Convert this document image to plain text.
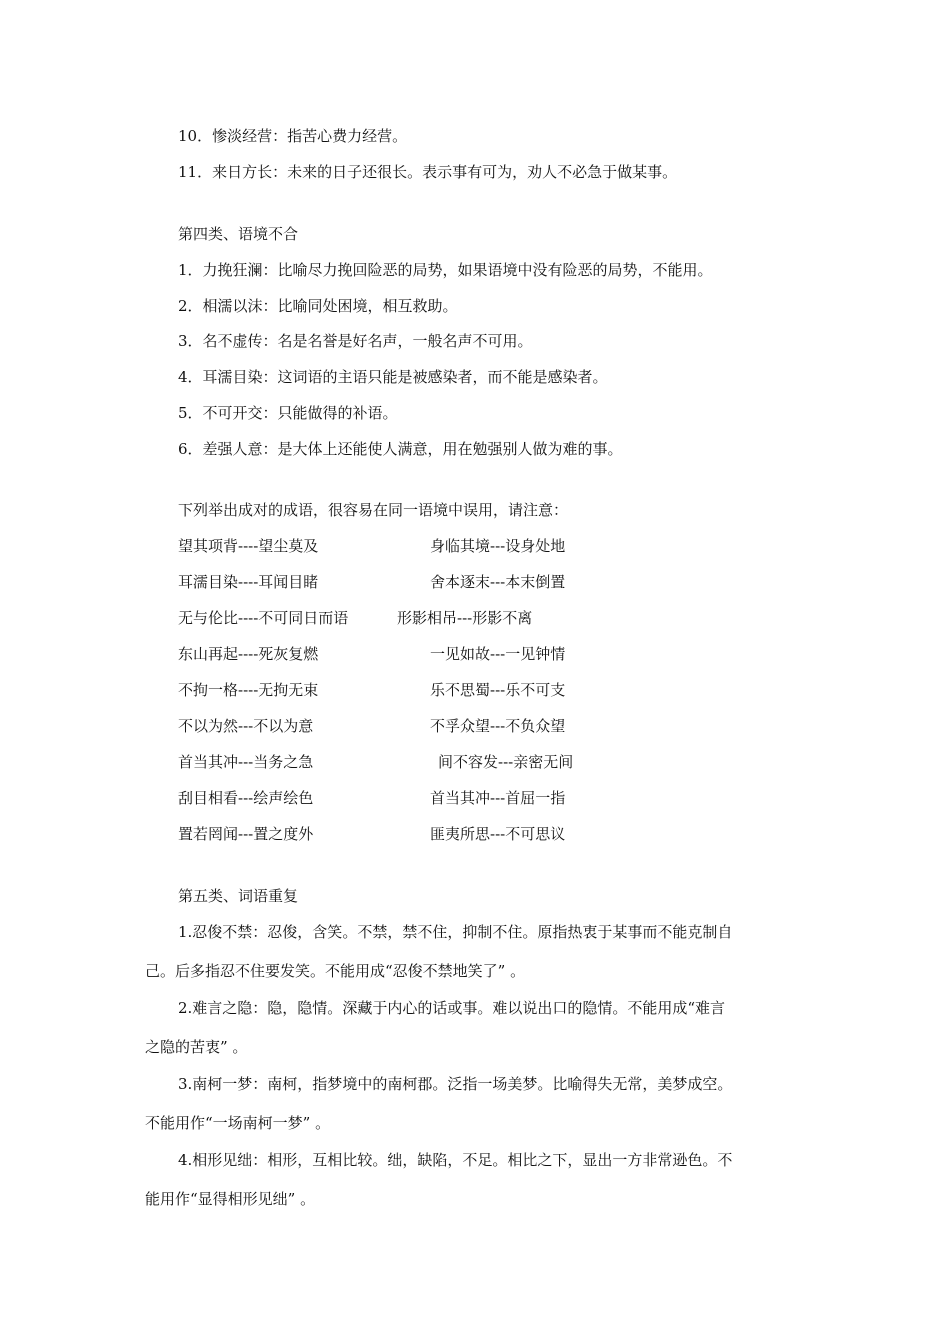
10．惨淡经营：指苦心费力经营。
11．来日方长：未来的日子还很长。表示事有可为，劝人不必急于做某事。
第四类、语境不合
1．力挽狂澜：比喻尽力挽回险恶的局势，如果语境中没有险恶的局势，不能用。
2．相濡以沫：比喻同处困境，相互救助。
3．名不虚传：名是名誉是好名声，一般名声不可用。
4．耳濡目染：这词语的主语只能是被感染者，而不能是感染者。
5．不可开交：只能做得的补语。
6．差强人意：是大体上还能使人满意，用在勉强别人做为难的事。
下列举出成对的成语，很容易在同一语境中误用，请注意：
望其项背----望尘莫及	身临其境---设身处地
耳濡目染----耳闻目睹	舍本逐末---本末倒置
无与伦比----不可同日而语	形影相吊---形影不离
东山再起----死灰复燃	一见如故---一见钟情
不拘一格----无拘无束	乐不思蜀---乐不可支
不以为然---不以为意	不孚众望---不负众望
首当其冲---当务之急	间不容发---亲密无间
刮目相看---绘声绘色	首当其冲---首屈一指
置若罔闻---置之度外	匪夷所思---不可思议
第五类、词语重复
1.忍俊不禁：忍俊，含笑。不禁，禁不住，抑制不住。原指热衷于某事而不能克制自
己。后多指忍不住要发笑。不能用成“忍俊不禁地笑了” 。
2.难言之隐：隐，隐情。深藏于内心的话或事。难以说出口的隐情。不能用成“难言
之隐的苦衷” 。
3.南柯一梦：南柯，指梦境中的南柯郡。泛指一场美梦。比喻得失无常，美梦成空。
不能用作“一场南柯一梦” 。
4.相形见绌：相形，互相比较。绌，缺陷，不足。相比之下，显出一方非常逊色。不
能用作“显得相形见绌” 。
